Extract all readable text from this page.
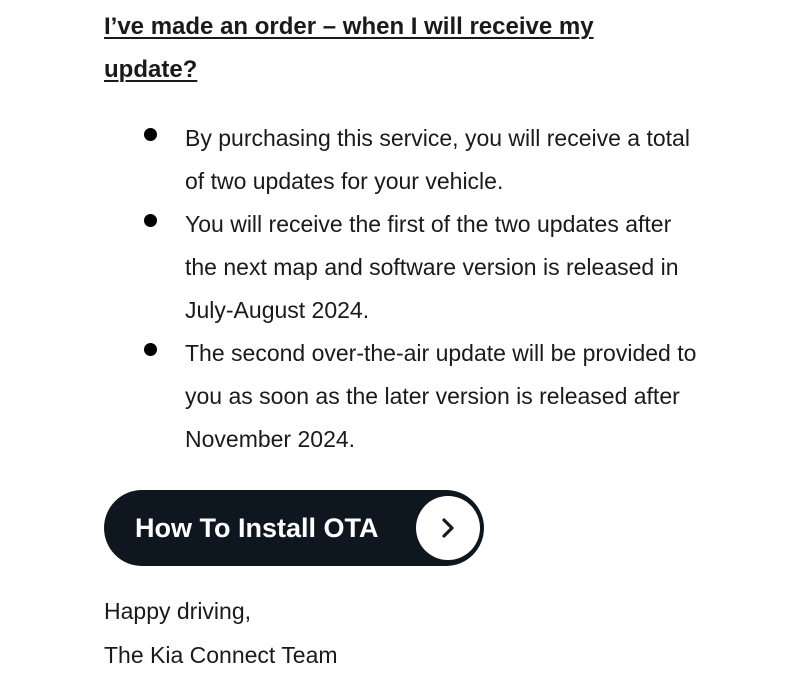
I’ve made an order – when I will receive my update?
By purchasing this service, you will receive a total of two updates for your vehicle.
You will receive the first of the two updates after the next map and software version is released in July-August 2024.
The second over-the-air update will be provided to you as soon as the later version is released after November 2024.
How To Install OTA
Happy driving,
The Kia Connect Team
